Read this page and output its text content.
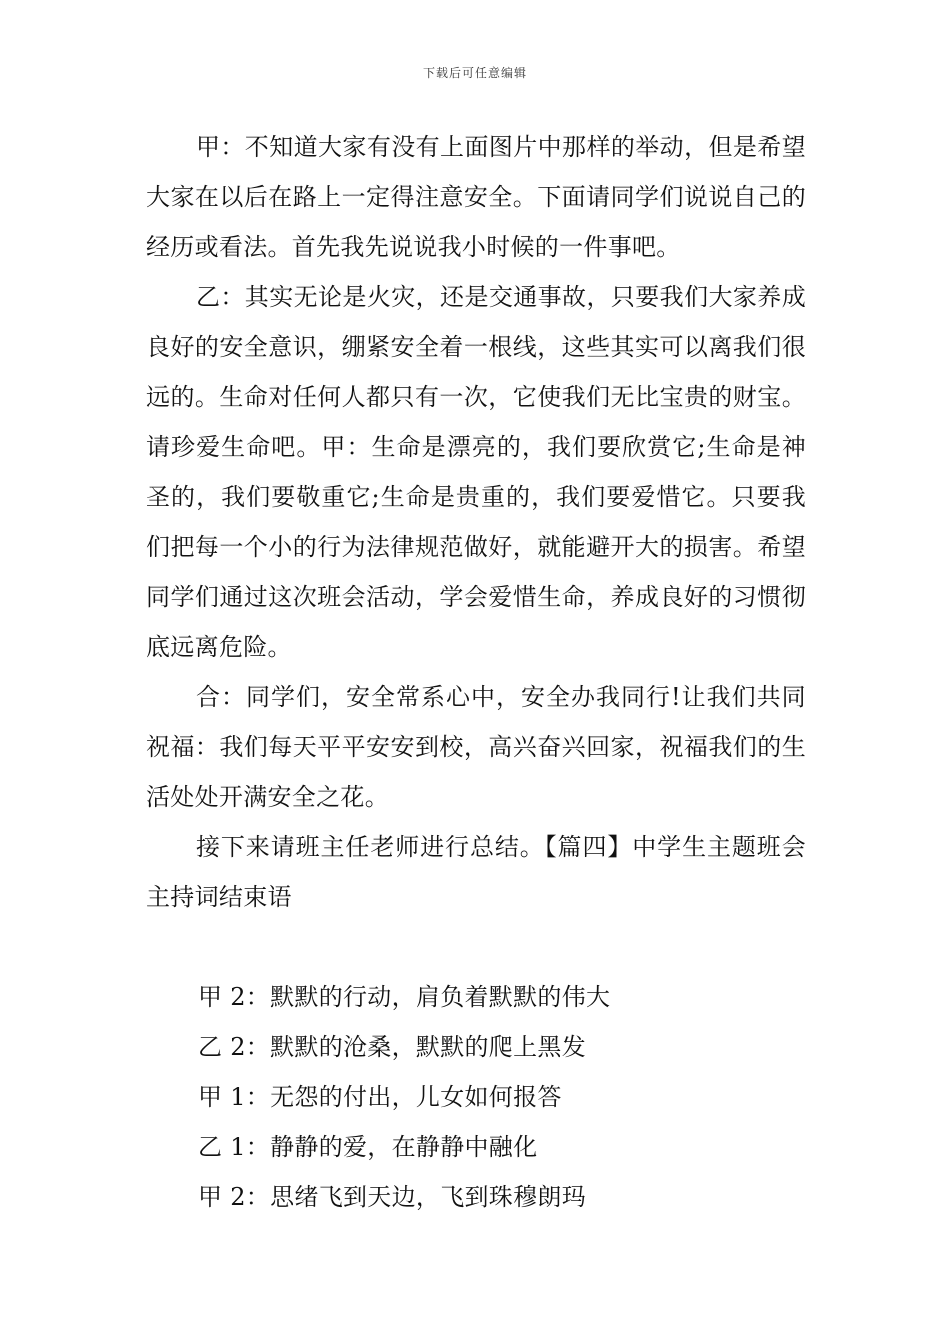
下载后可任意编辑

甲：不知道大家有没有上面图片中那样的举动，但是希望大家在以后在路上一定得注意安全。下面请同学们说说自己的经历或看法。首先我先说说我小时候的一件事吧。

乙：其实无论是火灾，还是交通事故，只要我们大家养成良好的安全意识，绷紧安全着一根线，这些其实可以离我们很远的。生命对任何人都只有一次，它使我们无比宝贵的财宝。请珍爱生命吧。甲：生命是漂亮的，我们要欣赏它;生命是神圣的，我们要敬重它;生命是贵重的，我们要爱惜它。只要我们把每一个小的行为法律规范做好，就能避开大的损害。希望同学们通过这次班会活动，学会爱惜生命，养成良好的习惯彻底远离危险。

合：同学们，安全常系心中，安全办我同行!让我们共同祝福：我们每天平平安安到校，高兴奋兴回家，祝福我们的生活处处开满安全之花。

接下来请班主任老师进行总结。【篇四】中学生主题班会主持词结束语

甲 2：默默的行动，肩负着默默的伟大

乙 2：默默的沧桑，默默的爬上黑发

甲 1：无怨的付出，儿女如何报答

乙 1：静静的爱，在静静中融化

甲 2：思绪飞到天边，飞到珠穆朗玛
